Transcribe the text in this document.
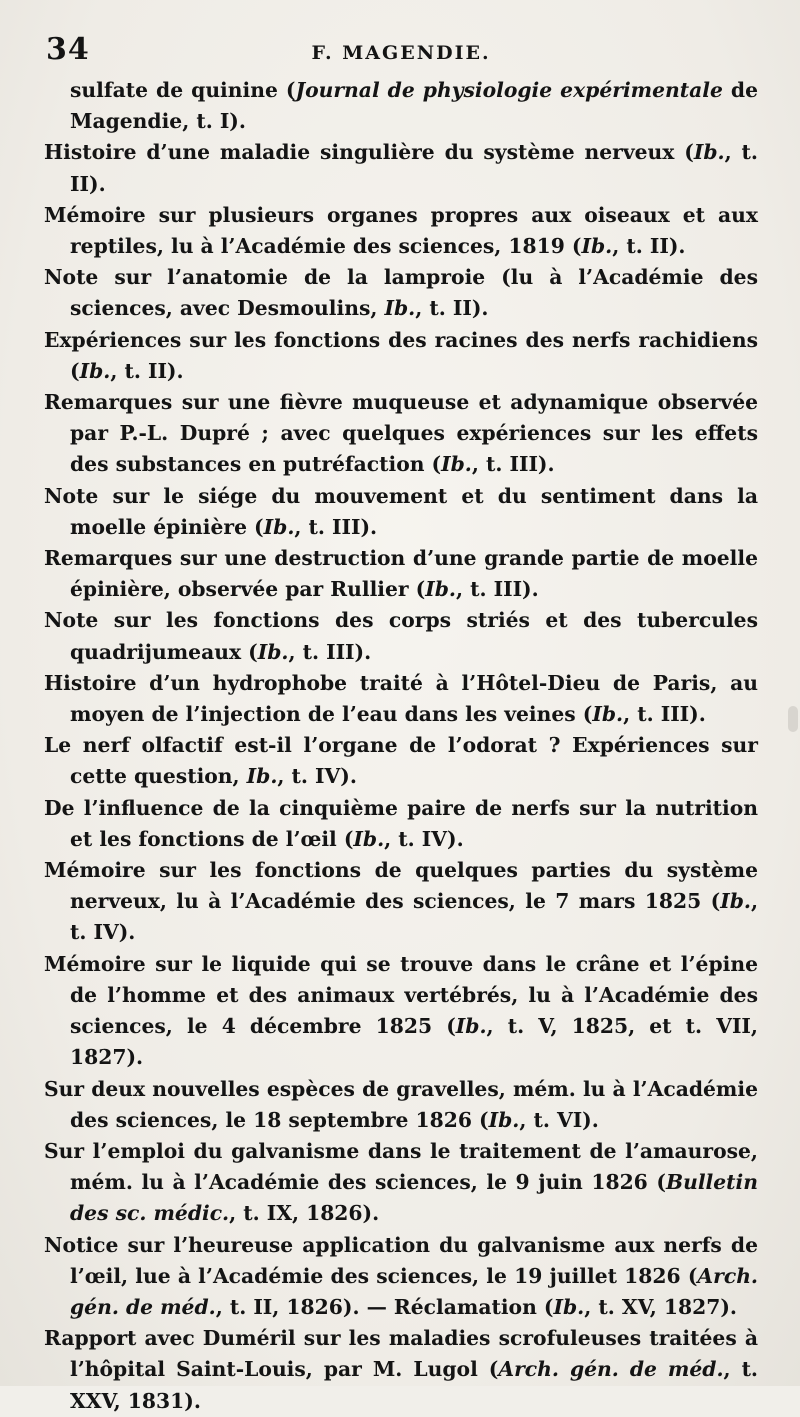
34	F. MAGENDIE.

sulfate de quinine (Journal de physiologie expérimentale de Magendie, t. I).

Histoire d’une maladie singulière du système nerveux (Ib., t. II).

Mémoire sur plusieurs organes propres aux oiseaux et aux reptiles, lu à l’Académie des sciences, 1819 (Ib., t. II).

Note sur l’anatomie de la lamproie (lu à l’Académie des sciences, avec Desmoulins, Ib., t. II).

Expériences sur les fonctions des racines des nerfs rachidiens (Ib., t. II).

Remarques sur une fièvre muqueuse et adynamique observée par P.-L. Dupré ; avec quelques expériences sur les effets des substances en putréfaction (Ib., t. III).

Note sur le siége du mouvement et du sentiment dans la moelle épinière (Ib., t. III).

Remarques sur une destruction d’une grande partie de moelle épinière, observée par Rullier (Ib., t. III).

Note sur les fonctions des corps striés et des tubercules quadrijumeaux (Ib., t. III).

Histoire d’un hydrophobe traité à l’Hôtel-Dieu de Paris, au moyen de l’injection de l’eau dans les veines (Ib., t. III).

Le nerf olfactif est-il l’organe de l’odorat ? Expériences sur cette question, Ib., t. IV).

De l’influence de la cinquième paire de nerfs sur la nutrition et les fonctions de l’œil (Ib., t. IV).

Mémoire sur les fonctions de quelques parties du système nerveux, lu à l’Académie des sciences, le 7 mars 1825 (Ib., t. IV).

Mémoire sur le liquide qui se trouve dans le crâne et l’épine de l’homme et des animaux vertébrés, lu à l’Académie des sciences, le 4 décembre 1825 (Ib., t. V, 1825, et t. VII, 1827).

Sur deux nouvelles espèces de gravelles, mém. lu à l’Académie des sciences, le 18 septembre 1826 (Ib., t. VI).

Sur l’emploi du galvanisme dans le traitement de l’amaurose, mém. lu à l’Académie des sciences, le 9 juin 1826 (Bulletin des sc. médic., t. IX, 1826).

Notice sur l’heureuse application du galvanisme aux nerfs de l’œil, lue à l’Académie des sciences, le 19 juillet 1826 (Arch. gén. de méd., t. II, 1826). — Réclamation (Ib., t. XV, 1827).

Rapport avec Duméril sur les maladies scrofuleuses traitées à l’hôpital Saint-Louis, par M. Lugol (Arch. gén. de méd., t. XXV, 1831).
